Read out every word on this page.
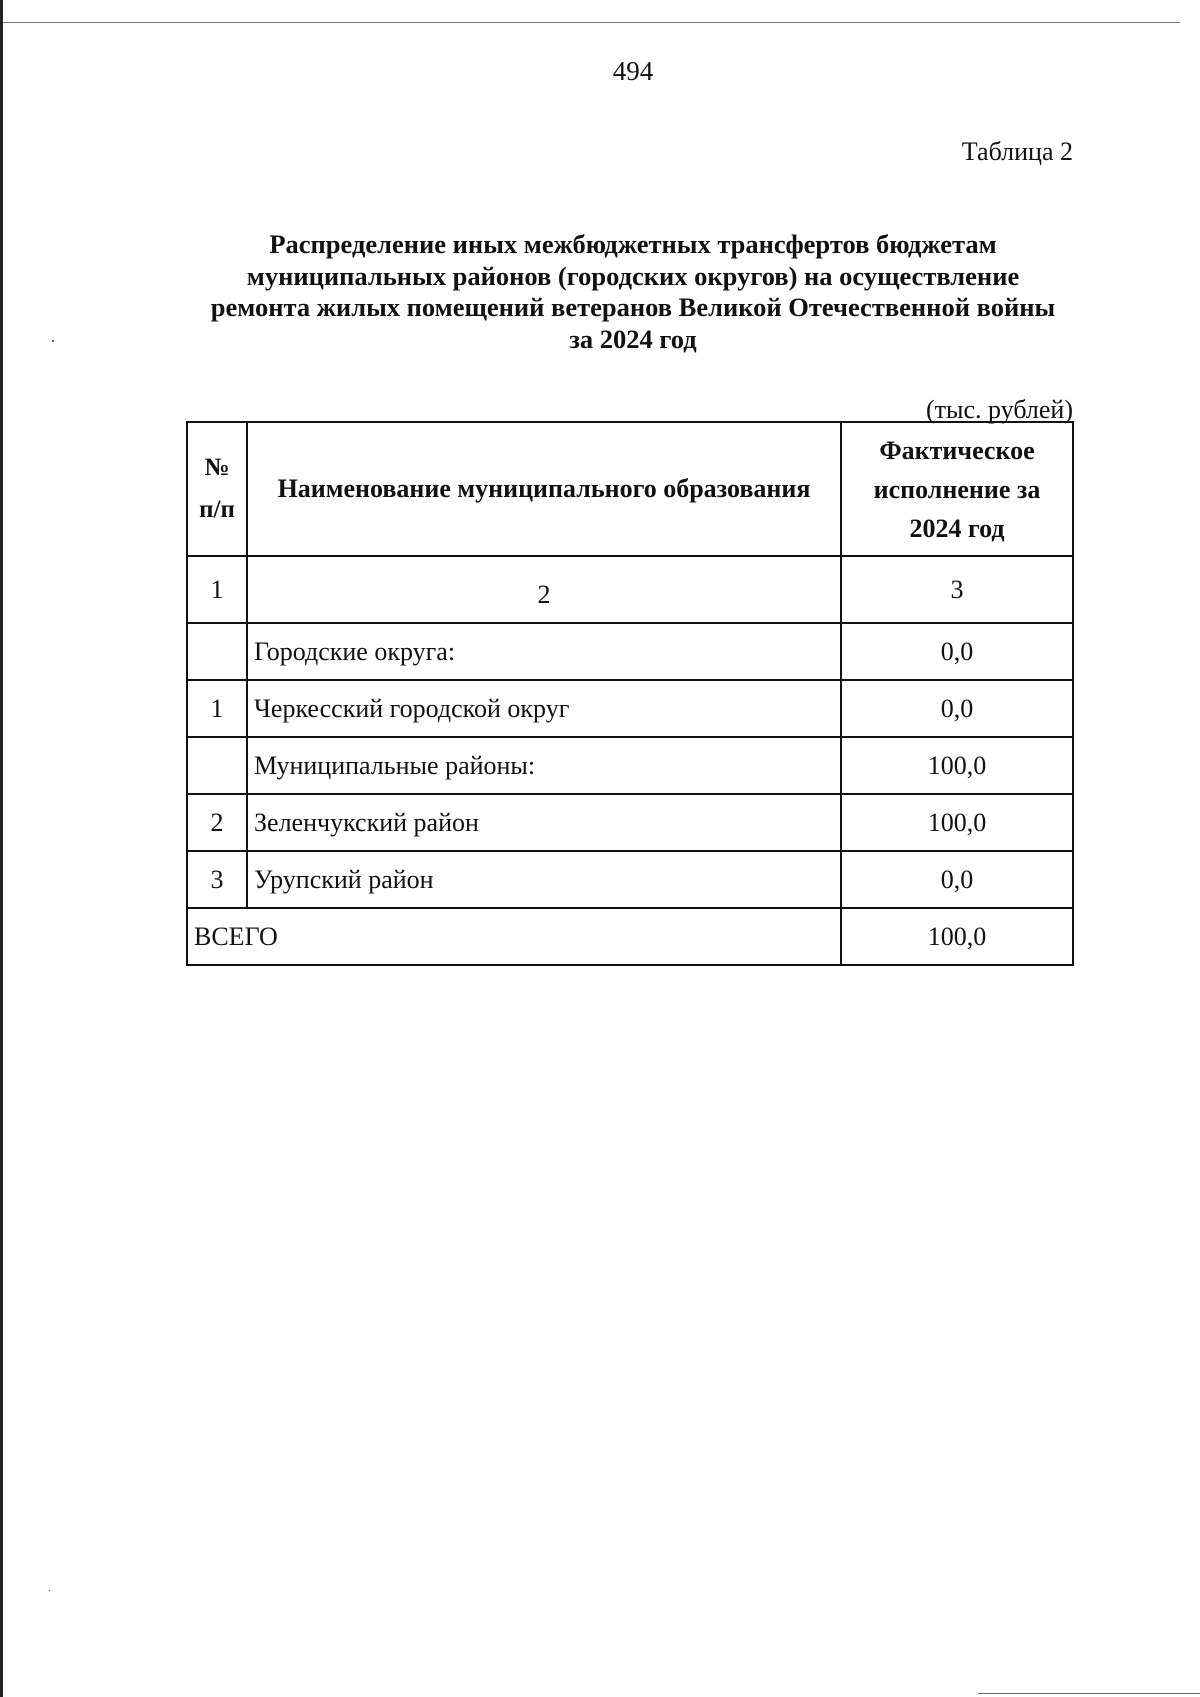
494
Таблица 2

Распределение иных межбюджетных трансфертов бюджетам муниципальных районов (городских округов) на осуществление ремонта жилых помещений ветеранов Великой Отечественной войны за 2024 год

(тыс. рублей)
№ п/п	Наименование муниципального образования	Фактическое исполнение за 2024 год
1	2	3
	Городские округа:	0,0
1	Черкесский городской округ	0,0
	Муниципальные районы:	100,0
2	Зеленчукский район	100,0
3	Урупский район	0,0
ВСЕГО		100,0
